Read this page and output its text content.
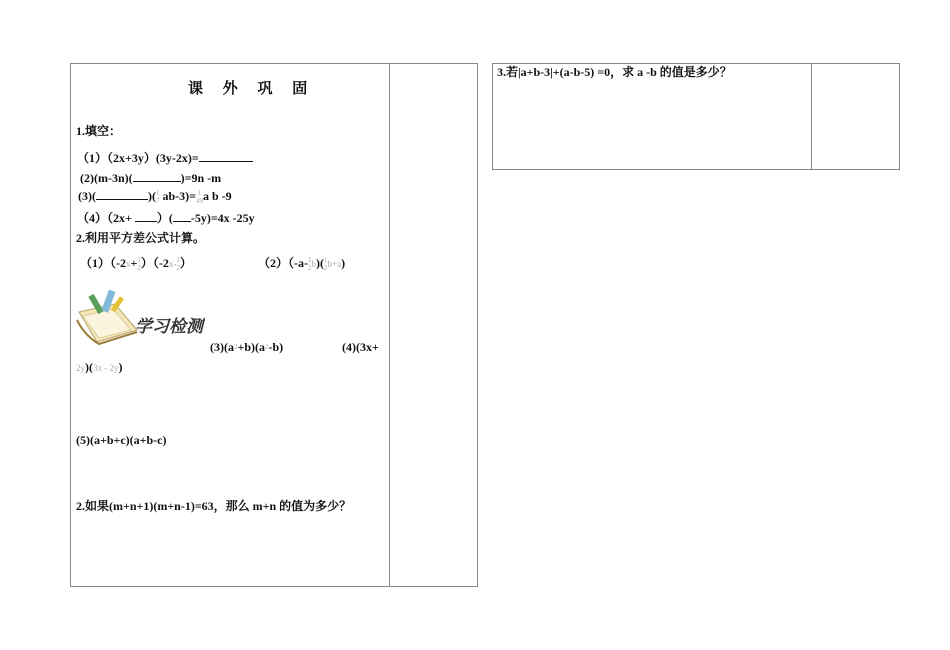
课 外 巩 固
1.填空：
（1）（2x+3y）(3y-2x)=
(2)(m-3n)(	)=9n -m
(3)(	)(1
7 ab-3)= 1
49a b -9
（4）（2x+ ）( -5y)=4x -25y
2.利用平方差公式计算。
（1）（-2x+1
2）（-2x-1
2）	（2）（-a-1
2b)(1
2b+a)
学习检测
$(3)(a^2+b)(a^2-b)$	(4)(3x+
2y)(3x - 2y)
(5)(a+b+c)(a+b-c)
2.如果(m+n+1)(m+n-1)=63，那么 m+n 的值为多少？
3.若|a+b-3|+(a-b-5) =0，求 a -b 的值是多少？
